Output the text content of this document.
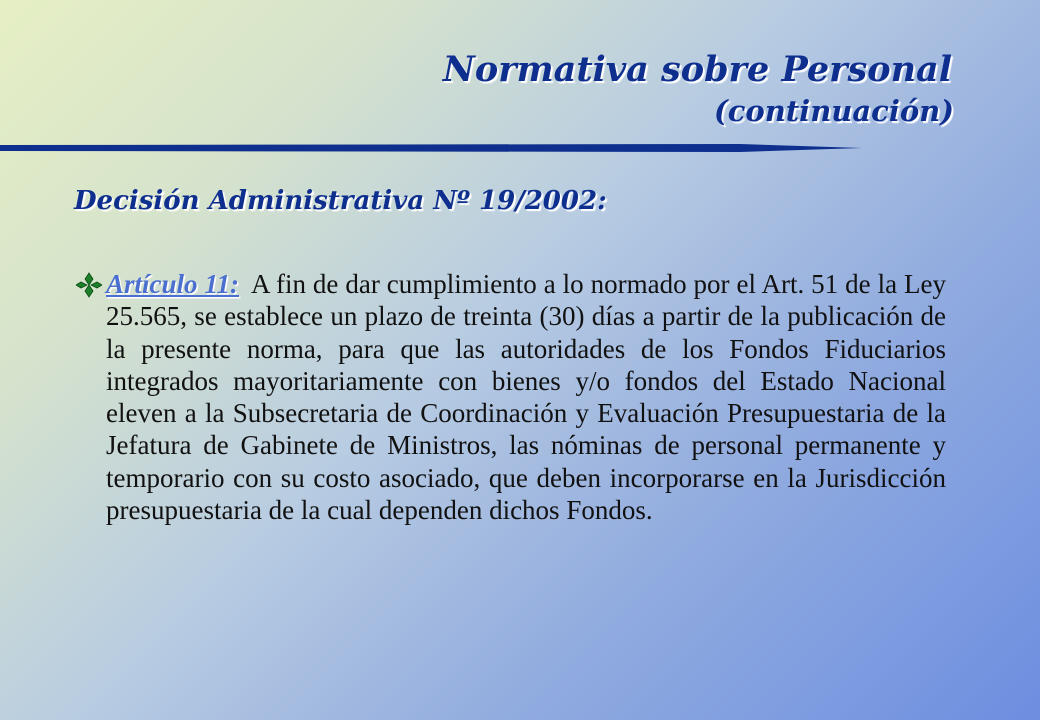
Normativa sobre Personal
(continuación)
Decisión Administrativa Nº 19/2002:

Artículo 11: A fin de dar cumplimiento a lo normado por el Art. 51 de la Ley 25.565, se establece un plazo de treinta (30) días a partir de la publicación de la presente norma, para que las autoridades de los Fondos Fiduciarios integrados mayoritariamente con bienes y/o fondos del Estado Nacional eleven a la Subsecretaria de Coordinación y Evaluación Presupuestaria de la Jefatura de Gabinete de Ministros, las nóminas de personal permanente y temporario con su costo asociado, que deben incorporarse en la Jurisdicción presupuestaria de la cual dependen dichos Fondos.
